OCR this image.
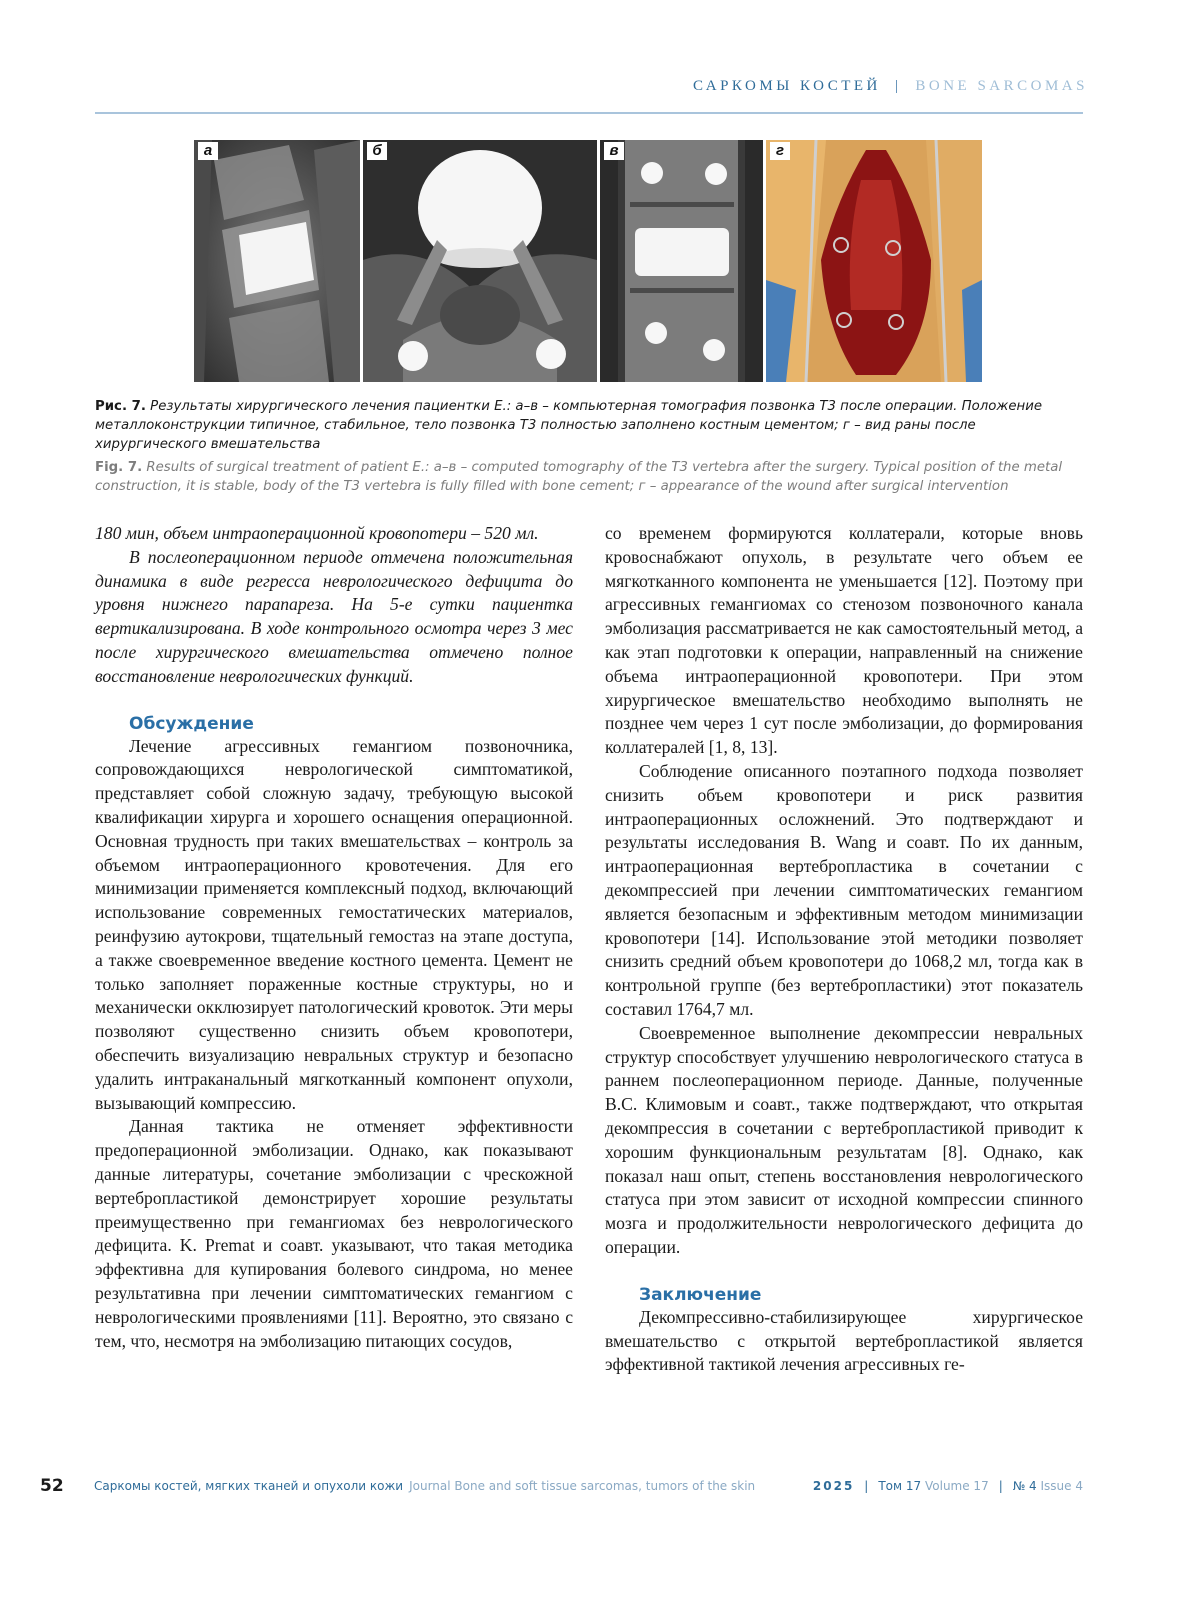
САРКОМЫ КОСТЕЙ | BONE SARCOMAS
а	б	в	г
Рис. 7. Результаты хирургического лечения пациентки Е.: а–в – компьютерная томография позвонка Т3 после операции. Положение металлоконструкции типичное, стабильное, тело позвонка Т3 полностью заполнено костным цементом; г – вид раны после хирургического вмешательства
Fig. 7. Results of surgical treatment of patient E.: а–в – computed tomography of the T3 vertebra after the surgery. Typical position of the metal construction, it is stable, body of the T3 vertebra is fully filled with bone cement; г – appearance of the wound after surgical intervention

180 мин, объем интраоперационной кровопотери – 520 мл.

В послеоперационном периоде отмечена положительная динамика в виде регресса неврологического дефицита до уровня нижнего парапареза. На 5-е сутки пациентка вертикализирована. В ходе контрольного осмотра через 3 мес после хирургического вмешательства отмечено полное восстановление неврологических функций.

Обсуждение

Лечение агрессивных гемангиом позвоночника, сопровождающихся неврологической симптоматикой, представляет собой сложную задачу, требующую высокой квалификации хирурга и хорошего оснащения операционной. Основная трудность при таких вмешательствах – контроль за объемом интраоперационного кровотечения. Для его минимизации применяется комплексный подход, включающий использование современных гемостатических материалов, реинфузию аутокрови, тщательный гемостаз на этапе доступа, а также своевременное введение костного цемента. Цемент не только заполняет пораженные костные структуры, но и механически окклюзирует патологический кровоток. Эти меры позволяют существенно снизить объем кровопотери, обеспечить визуализацию невральных структур и безопасно удалить интраканальный мягкотканный компонент опухоли, вызывающий компрессию.

Данная тактика не отменяет эффективности предоперационной эмболизации. Однако, как показывают данные литературы, сочетание эмболизации с чрескожной вертебропластикой демонстрирует хорошие результаты преимущественно при гемангиомах без неврологического дефицита. K. Premat и соавт. указывают, что такая методика эффективна для купирования болевого синдрома, но менее результативна при лечении симптоматических гемангиом с неврологическими проявлениями [11]. Вероятно, это связано с тем, что, несмотря на эмболизацию питающих сосудов,

со временем формируются коллатерали, которые вновь кровоснабжают опухоль, в результате чего объем ее мягкотканного компонента не уменьшается [12]. Поэтому при агрессивных гемангиомах со стенозом позвоночного канала эмболизация рассматривается не как самостоятельный метод, а как этап подготовки к операции, направленный на снижение объема интраоперационной кровопотери. При этом хирургическое вмешательство необходимо выполнять не позднее чем через 1 сут после эмболизации, до формирования коллатералей [1, 8, 13].

Соблюдение описанного поэтапного подхода позволяет снизить объем кровопотери и риск развития интраоперационных осложнений. Это подтверждают и результаты исследования B. Wang и соавт. По их данным, интраоперационная вертебропластика в сочетании с декомпрессией при лечении симптоматических гемангиом является безопасным и эффективным методом минимизации кровопотери [14]. Использование этой методики позволяет снизить средний объем кровопотери до 1068,2 мл, тогда как в контрольной группе (без вертебропластики) этот показатель составил 1764,7 мл.

Своевременное выполнение декомпрессии невральных структур способствует улучшению неврологического статуса в раннем послеоперационном периоде. Данные, полученные В.С. Климовым и соавт., также подтверждают, что открытая декомпрессия в сочетании с вертебропластикой приводит к хорошим функциональным результатам [8]. Однако, как показал наш опыт, степень восстановления неврологического статуса при этом зависит от исходной компрессии спинного мозга и продолжительности неврологического дефицита до операции.

Заключение

Декомпрессивно-стабилизирующее хирургическое вмешательство с открытой вертебропластикой является эффективной тактикой лечения агрессивных ге-

52	Саркомы костей, мягких тканей и опухоли кожи Journal Bone and soft tissue sarcomas, tumors of the skin	2025 | Том 17 Volume 17 | № 4 Issue 4
